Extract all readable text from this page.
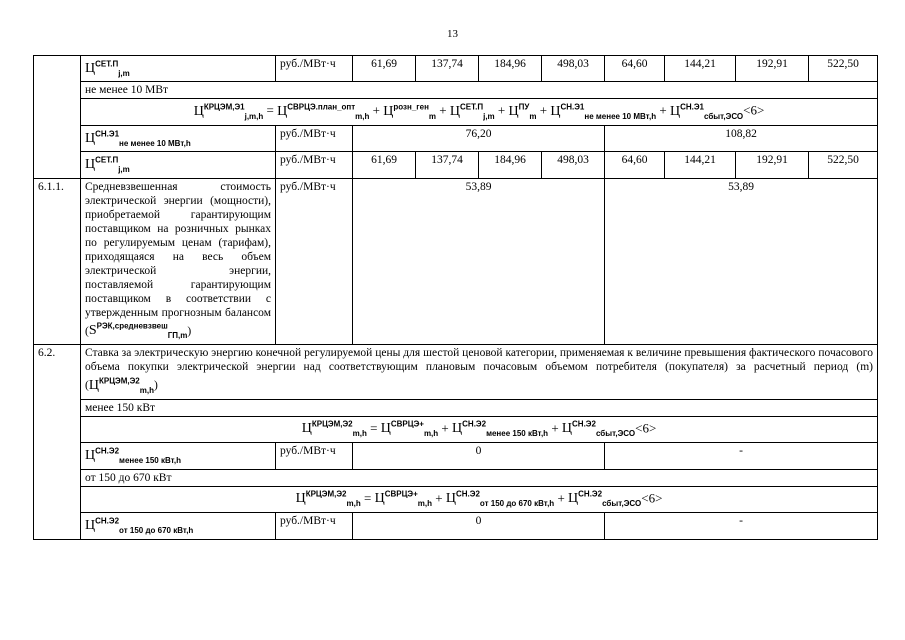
13
	$Ц^{СЕТ.П}_{j,m}$	руб./МВт·ч	61,69	137,74	184,96	498,03	64,60	144,21	192,91	522,50
	не менее 10 МВт									
	$Ц^{КРЦЭМ,Э1}_{j,m,h} = Ц^{СВРЦЭ.план\_опт}_{m,h} + Ц^{розн\_ген}_m + Ц^{СЕТ.П}_{j,m} + Ц^{ПУ}_m + Ц^{СН.Э1}_{не менее 10 МВт,h} + Ц^{СН.Э1}_{сбыт,ЭСО}<6>$									
	$Ц^{СН.Э1}_{не менее 10 МВт,h}$	руб./МВт·ч	76,20				108,82			
	$Ц^{СЕТ.П}_{j,m}$	руб./МВт·ч	61,69	137,74	184,96	498,03	64,60	144,21	192,91	522,50

6.1.1.	Средневзвешенная стоимость электрической энергии (мощности), приобретаемой гарантирующим поставщиком на розничных рынках по регулируемым ценам (тарифам), приходящаяся на весь объем электрической энергии, поставляемой гарантирующим поставщиком в соответствии с утвержденным прогнозным балансом $(S^{РЭК,средневзвеш}_{ГП,m})$	руб./МВт·ч	53,89				53,89			
6.2.	Ставка за электрическую энергию конечной регулируемой цены для шестой ценовой категории, применяемая к величине превышения фактического почасового объема покупки электрической энергии над соответствующим плановым почасовым объемом потребителя (покупателя) за расчетный период (m) $(Ц^{КРЦЭМ,Э2}_{m,h})$									
	менее 150 кВт									
	$Ц^{КРЦЭМ,Э2}_{m,h} = Ц^{СВРЦЭ+}_{m,h} + Ц^{СН.Э2}_{менее 150 кВт,h} + Ц^{СН.Э2}_{сбыт,ЭСО}<6>$									
	$Ц^{СН.Э2}_{менее 150 кВт,h}$	руб./МВт·ч	0				-			
	от 150 до 670 кВт									
	$Ц^{КРЦЭМ,Э2}_{m,h} = Ц^{СВРЦЭ+}_{m,h} + Ц^{СН.Э2}_{от 150 до 670 кВт,h} + Ц^{СН.Э2}_{сбыт,ЭСО}<6>$									
	$Ц^{СН.Э2}_{от 150 до 670 кВт,h}$	руб./МВт·ч	0				-			
